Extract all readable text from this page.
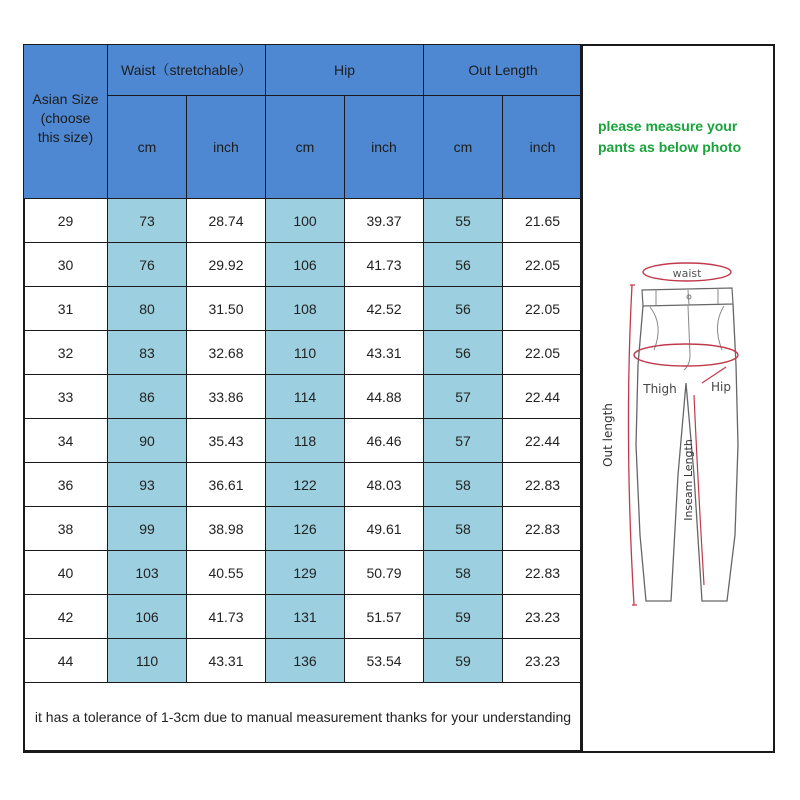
Asian Size (choose this size)	Waist（stretchable）		Hip		Out Length	
	cm	inch	cm	inch	cm	inch
29	73	28.74	100	39.37	55	21.65
30	76	29.92	106	41.73	56	22.05
31	80	31.50	108	42.52	56	22.05
32	83	32.68	110	43.31	56	22.05
33	86	33.86	114	44.88	57	22.44
34	90	35.43	118	46.46	57	22.44
36	93	36.61	122	48.03	58	22.83
38	99	38.98	126	49.61	58	22.83
40	103	40.55	129	50.79	58	22.83
42	106	41.73	131	51.57	59	23.23
44	110	43.31	136	53.54	59	23.23
it has a tolerance of 1-3cm due to manual measurement thanks for your understanding						
please measure your pants as below photo
waist
Thigh	Hip
Out length
Inseam Length
